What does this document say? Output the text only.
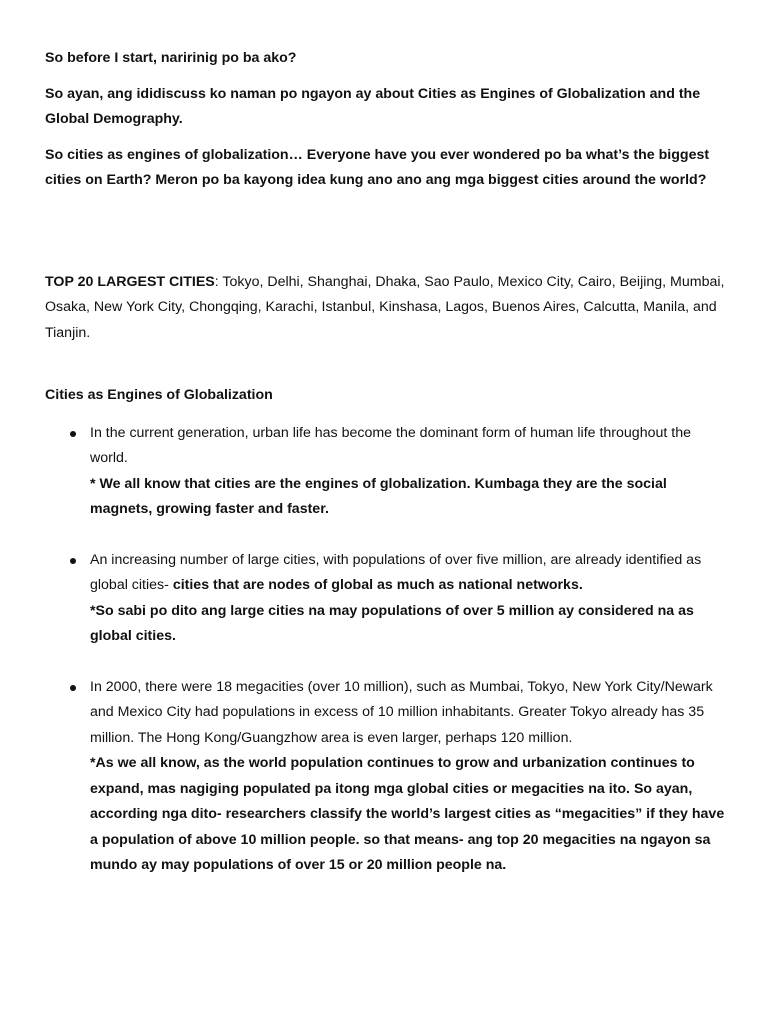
So before I start, naririnig po ba ako?

So ayan, ang ididiscuss ko naman po ngayon ay about Cities as Engines of Globalization and the Global Demography.

So cities as engines of globalization… Everyone have you ever wondered po ba what’s the biggest cities on Earth? Meron po ba kayong idea kung ano ano ang mga biggest cities around the world?

TOP 20 LARGEST CITIES: Tokyo, Delhi, Shanghai, Dhaka, Sao Paulo, Mexico City, Cairo, Beijing, Mumbai, Osaka, New York City, Chongqing, Karachi, Istanbul, Kinshasa, Lagos, Buenos Aires, Calcutta, Manila, and Tianjin.

Cities as Engines of Globalization

In the current generation, urban life has become the dominant form of human life throughout the world.
* We all know that cities are the engines of globalization. Kumbaga they are the social magnets, growing faster and faster.
An increasing number of large cities, with populations of over five million, are already identified as global cities- cities that are nodes of global as much as national networks.
*So sabi po dito ang large cities na may populations of over 5 million ay considered na as global cities.
In 2000, there were 18 megacities (over 10 million), such as Mumbai, Tokyo, New York City/Newark and Mexico City had populations in excess of 10 million inhabitants. Greater Tokyo already has 35 million. The Hong Kong/Guangzhow area is even larger, perhaps 120 million.
*As we all know, as the world population continues to grow and urbanization continues to expand, mas nagiging populated pa itong mga global cities or megacities na ito. So ayan, according nga dito- researchers classify the world’s largest cities as “megacities” if they have a population of above 10 million people. so that means- ang top 20 megacities na ngayon sa mundo ay may populations of over 15 or 20 million people na.
